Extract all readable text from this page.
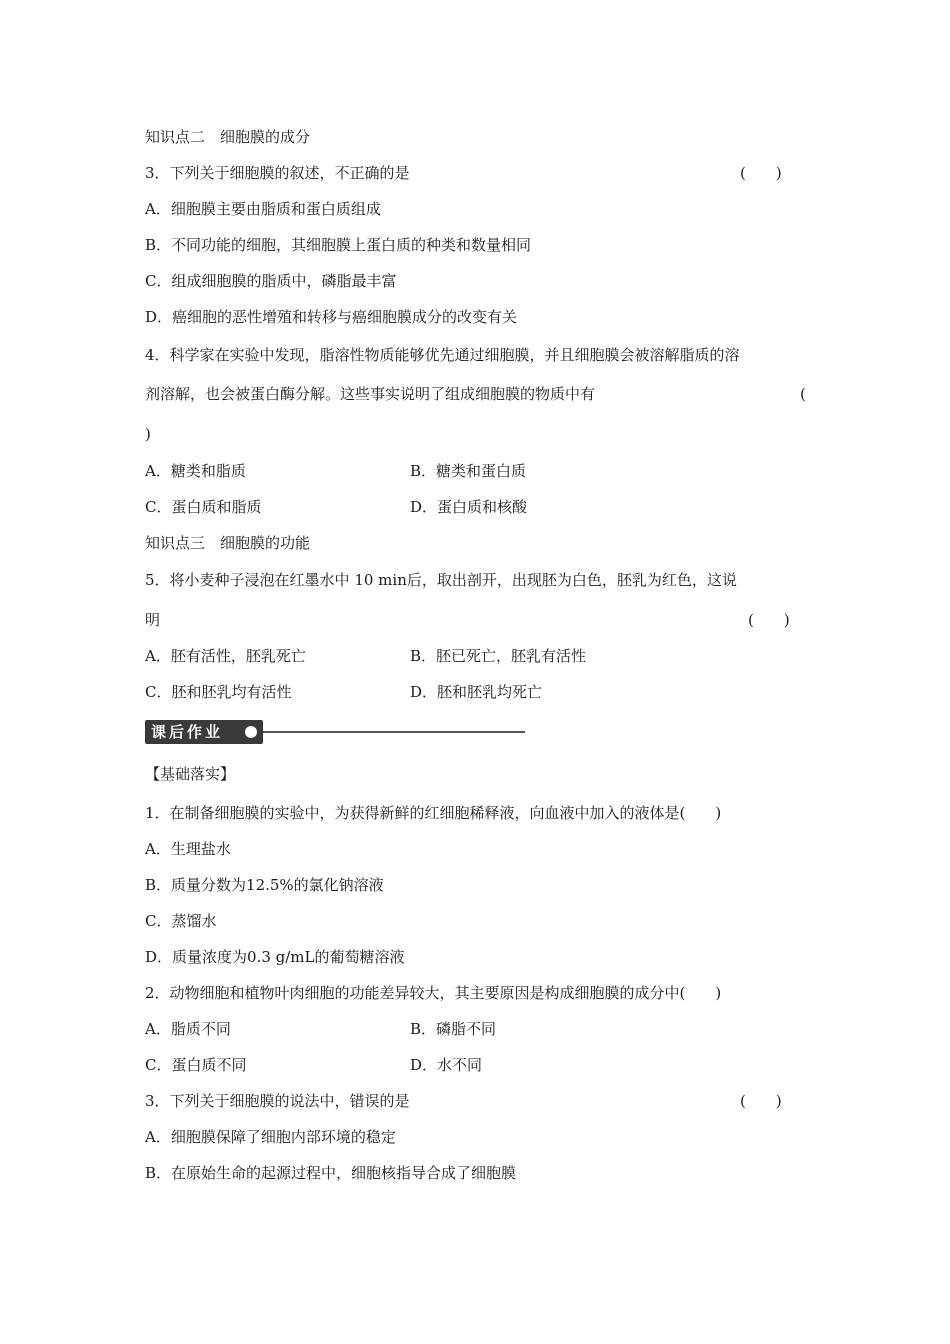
知识点二　细胞膜的成分
3．下列关于细胞膜的叙述，不正确的是	(　　)
A．细胞膜主要由脂质和蛋白质组成
B．不同功能的细胞，其细胞膜上蛋白质的种类和数量相同
C．组成细胞膜的脂质中，磷脂最丰富
D．癌细胞的恶性增殖和转移与癌细胞膜成分的改变有关
4．科学家在实验中发现，脂溶性物质能够优先通过细胞膜，并且细胞膜会被溶解脂质的溶
剂溶解，也会被蛋白酶分解。这些事实说明了组成细胞膜的物质中有	(
)
A．糖类和脂质	B．糖类和蛋白质
C．蛋白质和脂质	D．蛋白质和核酸
知识点三　细胞膜的功能
5．将小麦种子浸泡在红墨水中 10 min后，取出剖开，出现胚为白色，胚乳为红色，这说
明	(　　)
A．胚有活性，胚乳死亡	B．胚已死亡，胚乳有活性
C．胚和胚乳均有活性	D．胚和胚乳均死亡
课后作业
【基础落实】
1．在制备细胞膜的实验中，为获得新鲜的红细胞稀释液，向血液中加入的液体是(　　)
A．生理盐水
B．质量分数为12.5%的氯化钠溶液
C．蒸馏水
D．质量浓度为0.3 g/mL的葡萄糖溶液
2．动物细胞和植物叶肉细胞的功能差异较大，其主要原因是构成细胞膜的成分中(　　)
A．脂质不同	B．磷脂不同
C．蛋白质不同	D．水不同
3．下列关于细胞膜的说法中，错误的是	(　　)
A．细胞膜保障了细胞内部环境的稳定
B．在原始生命的起源过程中，细胞核指导合成了细胞膜
